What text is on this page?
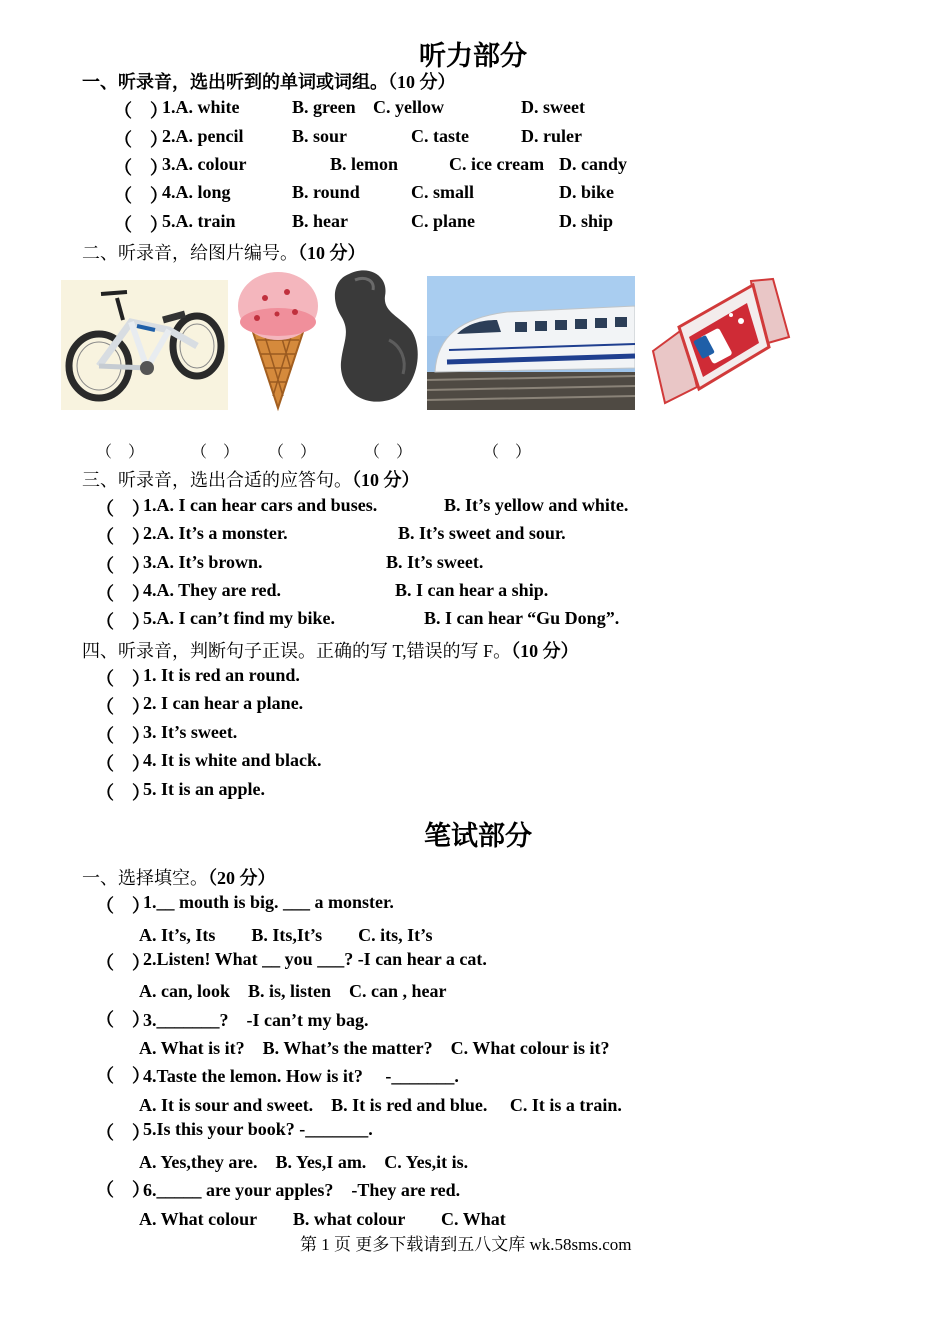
听力部分
一、听录音，选出听到的单词或词组。（10 分）
（　）
1.A. white	B. green C. yellow	D. sweet
（　）
2.A. pencil	B. sour	C. taste	D. ruler
（　）
3.A. colour	B. lemon	C. ice cream D. candy
（　）
4.A. long	B. round	C. small	D. bike
（　）
5.A. train	B. hear	C. plane	D. ship
二、听录音，给图片编号。（10 分）
（　）	（　） （　）	（　）	（　）
三、听录音，选出合适的应答句。（10 分）
（　）
1.A. I can hear cars and buses.	B. It’s yellow and white.
（　）
2.A. It’s a monster.	B. It’s sweet and sour.
（　）
3.A. It’s brown.	B. It’s sweet.
（　）
4.A. They are red.	B. I can hear a ship.
（　）
5.A. I can’t find my bike.	B. I can hear “Gu Dong”.
四、听录音，判断句子正误。正确的写 T,错误的写 F。（10 分）
（　）
1. It is red an round.
（　）
2. I can hear a plane.
（　）
3. It’s sweet.
（　）
4. It is white and black.
（　）
5. It is an apple.
笔试部分
一、选择填空。（20 分）
（　）
1.__ mouth is big. ___ a monster.
A. It’s, Its　　B. Its,It’s　　C. its, It’s
（　）
2.Listen! What __ you ___? -I can hear a cat.
A. can, look　B. is, listen　C. can , hear
（　）
3._______?　-I can’t my bag.
A. What is it?　B. What’s the matter?　C. What colour is it?
（　）
4.Taste the lemon. How is it?　 -_______.
A. It is sour and sweet.　B. It is red and blue.　 C. It is a train.
（　）
5.Is this your book? -_______.
A. Yes,they are.　B. Yes,I am.　C. Yes,it is.
（　）
6._____ are your apples?　-They are red.
A. What colour　　B. what colour　　C. What
第 1 页 更多下载请到五八文库 wk.58sms.com
